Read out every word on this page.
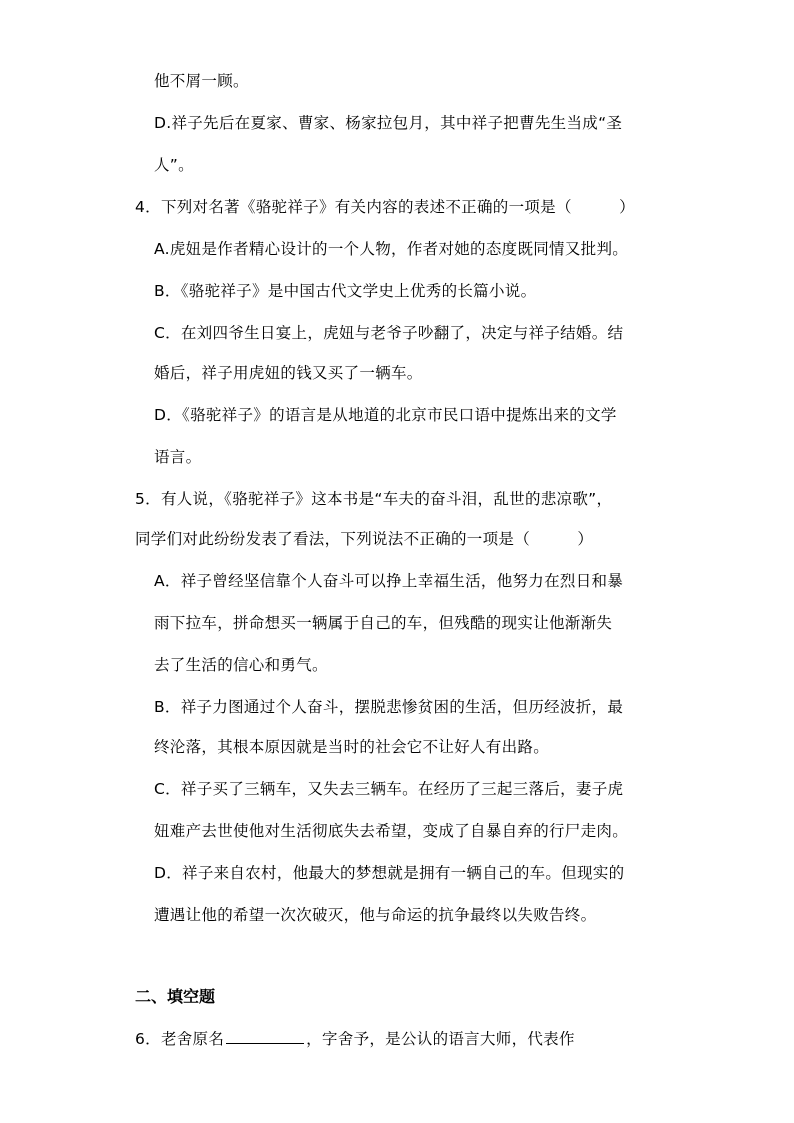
他不屑一顾。
D.祥子先后在夏家、曹家、杨家拉包月，其中祥子把曹先生当成“圣
人”。
4．下列对名著《骆驼祥子》有关内容的表述不正确的一项是（　　　）
A.虎妞是作者精心设计的一个人物，作者对她的态度既同情又批判。
B．《骆驼祥子》是中国古代文学史上优秀的长篇小说。
C．在刘四爷生日宴上，虎妞与老爷子吵翻了，决定与祥子结婚。结
婚后，祥子用虎妞的钱又买了一辆车。
D．《骆驼祥子》的语言是从地道的北京市民口语中提炼出来的文学
语言。
5．有人说，《骆驼祥子》这本书是“车夫的奋斗泪，乱世的悲凉歌”，
同学们对此纷纷发表了看法，下列说法不正确的一项是（　　　）
A．祥子曾经坚信靠个人奋斗可以挣上幸福生活，他努力在烈日和暴
雨下拉车，拼命想买一辆属于自己的车，但残酷的现实让他渐渐失
去了生活的信心和勇气。
B．祥子力图通过个人奋斗，摆脱悲惨贫困的生活，但历经波折，最
终沦落，其根本原因就是当时的社会它不让好人有出路。
C．祥子买了三辆车，又失去三辆车。在经历了三起三落后，妻子虎
妞难产去世使他对生活彻底失去希望，变成了自暴自弃的行尸走肉。
D．祥子来自农村，他最大的梦想就是拥有一辆自己的车。但现实的
遭遇让他的希望一次次破灭，他与命运的抗争最终以失败告终。
二、填空题
6．老舍原名	，字舍予，是公认的语言大师，代表作
